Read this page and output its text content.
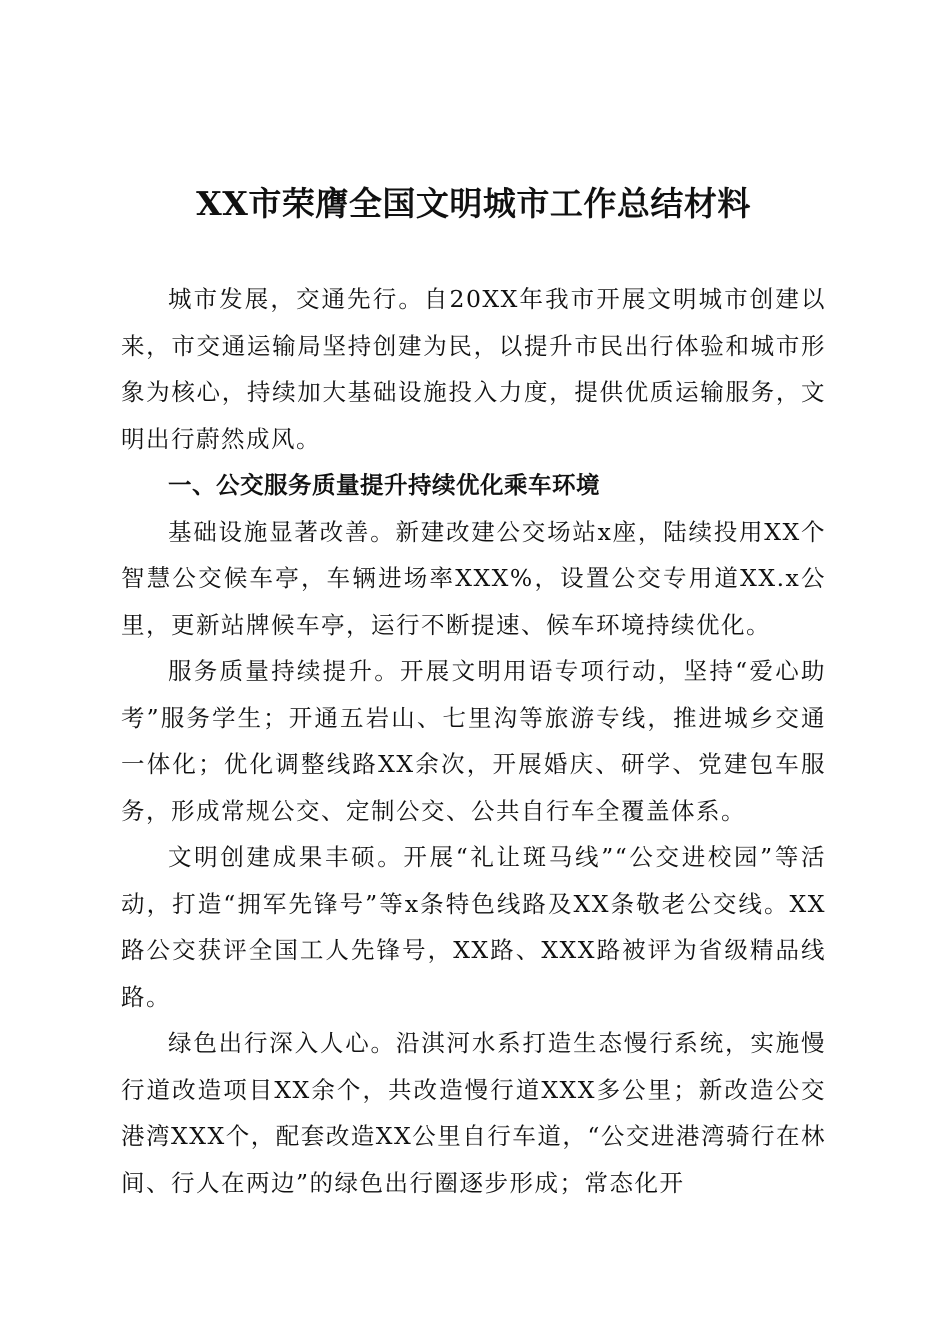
XX市荣膺全国文明城市工作总结材料

城市发展，交通先行。自20XX年我市开展文明城市创建以来，市交通运输局坚持创建为民，以提升市民出行体验和城市形象为核心，持续加大基础设施投入力度，提供优质运输服务，文明出行蔚然成风。

一、公交服务质量提升持续优化乘车环境

基础设施显著改善。新建改建公交场站x座，陆续投用XX个智慧公交候车亭，车辆进场率XXX%，设置公交专用道XX.x公里，更新站牌候车亭，运行不断提速、候车环境持续优化。

服务质量持续提升。开展文明用语专项行动，坚持“爱心助考”服务学生；开通五岩山、七里沟等旅游专线，推进城乡交通一体化；优化调整线路XX余次，开展婚庆、研学、党建包车服务，形成常规公交、定制公交、公共自行车全覆盖体系。

文明创建成果丰硕。开展“礼让斑马线”“公交进校园”等活动，打造“拥军先锋号”等x条特色线路及XX条敬老公交线。XX路公交获评全国工人先锋号，XX路、XXX路被评为省级精品线路。

绿色出行深入人心。沿淇河水系打造生态慢行系统，实施慢行道改造项目XX余个，共改造慢行道XXX多公里；新改造公交港湾XXX个，配套改造XX公里自行车道，“公交进港湾骑行在林间、行人在两边”的绿色出行圈逐步形成；常态化开
